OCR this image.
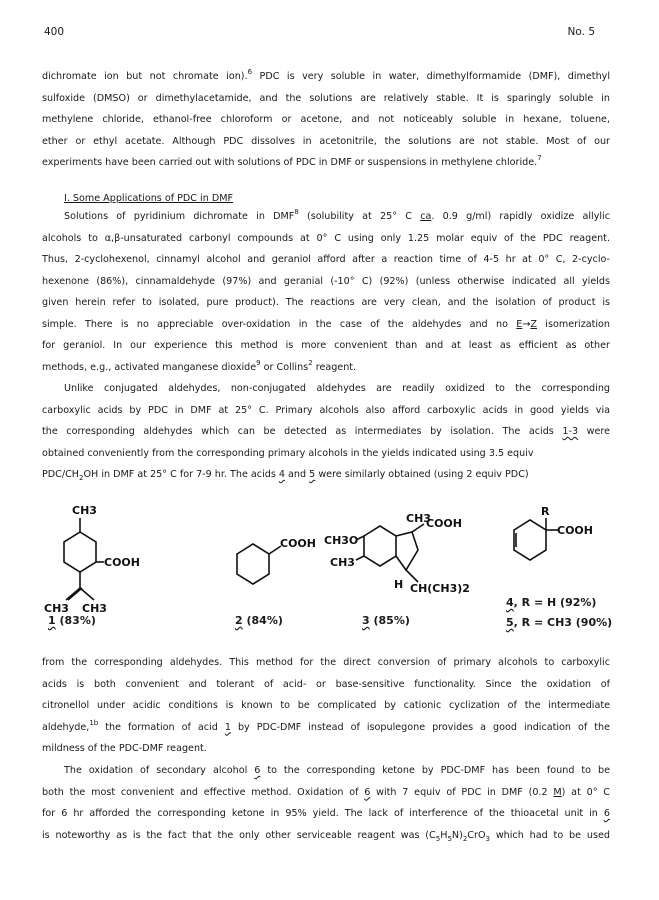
400	No. 5
dichromate ion but not chromate ion).$^6$ PDC is very soluble in water, dimethylformamide (DMF), dimethyl
sulfoxide (DMSO) or dimethylacetamide, and the solutions are relatively stable. It is sparingly soluble in
methylene chloride, ethanol-free chloroform or acetone, and not noticeably soluble in hexane, toluene,
ether or ethyl acetate. Although PDC dissolves in acetonitrile, the solutions are not stable. Most of our
experiments have been carried out with solutions of PDC in DMF or suspensions in methylene chloride.$^7$
I. Some Applications of PDC in DMF
Solutions of pyridinium dichromate in DMF$^8$ (solubility at 25° C ca. 0.9 g/ml) rapidly oxidize allylic
alcohols to α,β-unsaturated carbonyl compounds at 0° C using only 1.25 molar equiv of the PDC reagent.
Thus, 2-cyclohexenol, cinnamyl alcohol and geraniol afford after a reaction time of 4-5 hr at 0° C, 2-cyclo-
hexenone (86%), cinnamaldehyde (97%) and geranial (-10° C) (92%) (unless otherwise indicated all yields
given herein refer to isolated, pure product). The reactions are very clean, and the isolation of product is
simple. There is no appreciable over-oxidation in the case of the aldehydes and no E→Z isomerization
for geraniol. In our experience this method is more convenient than and at least as efficient as other
methods, e.g., activated manganese dioxide$^9$ or Collins$^2$ reagent.
Unlike conjugated aldehydes, non-conjugated aldehydes are readily oxidized to the corresponding
carboxylic acids by PDC in DMF at 25° C. Primary alcohols also afford carboxylic acids in good yields via
the corresponding aldehydes which can be detected as intermediates by isolation. The acids 1-3 were
obtained conveniently from the corresponding primary alcohols in the yields indicated using 3.5 equiv
PDC/$CH_2OH$ in DMF at 25° C for 7-9 hr. The acids 4 and 5 were similarly obtained (using 2 equiv PDC)
CH3
COOH
CH3 CH3
1 (83%)
COOH
2 (84%)
CH3
COOH
CH3O
CH3
H CH(CH3)2
3 (85%)
R
COOH
4, R = H (92%)
5, R = CH3 (90%)
from the corresponding aldehydes. This method for the direct conversion of primary alcohols to carboxylic
acids is both convenient and tolerant of acid- or base-sensitive functionality. Since the oxidation of
citronellol under acidic conditions is known to be complicated by cationic cyclization of the intermediate
aldehyde,$^{1b}$ the formation of acid 1 by PDC-DMF instead of isopulegone provides a good indication of the
mildness of the PDC-DMF reagent.
The oxidation of secondary alcohol 6 to the corresponding ketone by PDC-DMF has been found to be
both the most convenient and effective method. Oxidation of 6 with 7 equiv of PDC in DMF (0.2 M) at 0° C
for 6 hr afforded the corresponding ketone in 95% yield. The lack of interference of the thioacetal unit in 6
is noteworthy as is the fact that the only other serviceable reagent was $(C_5H_5N)_2CrO_3$ which had to be used
